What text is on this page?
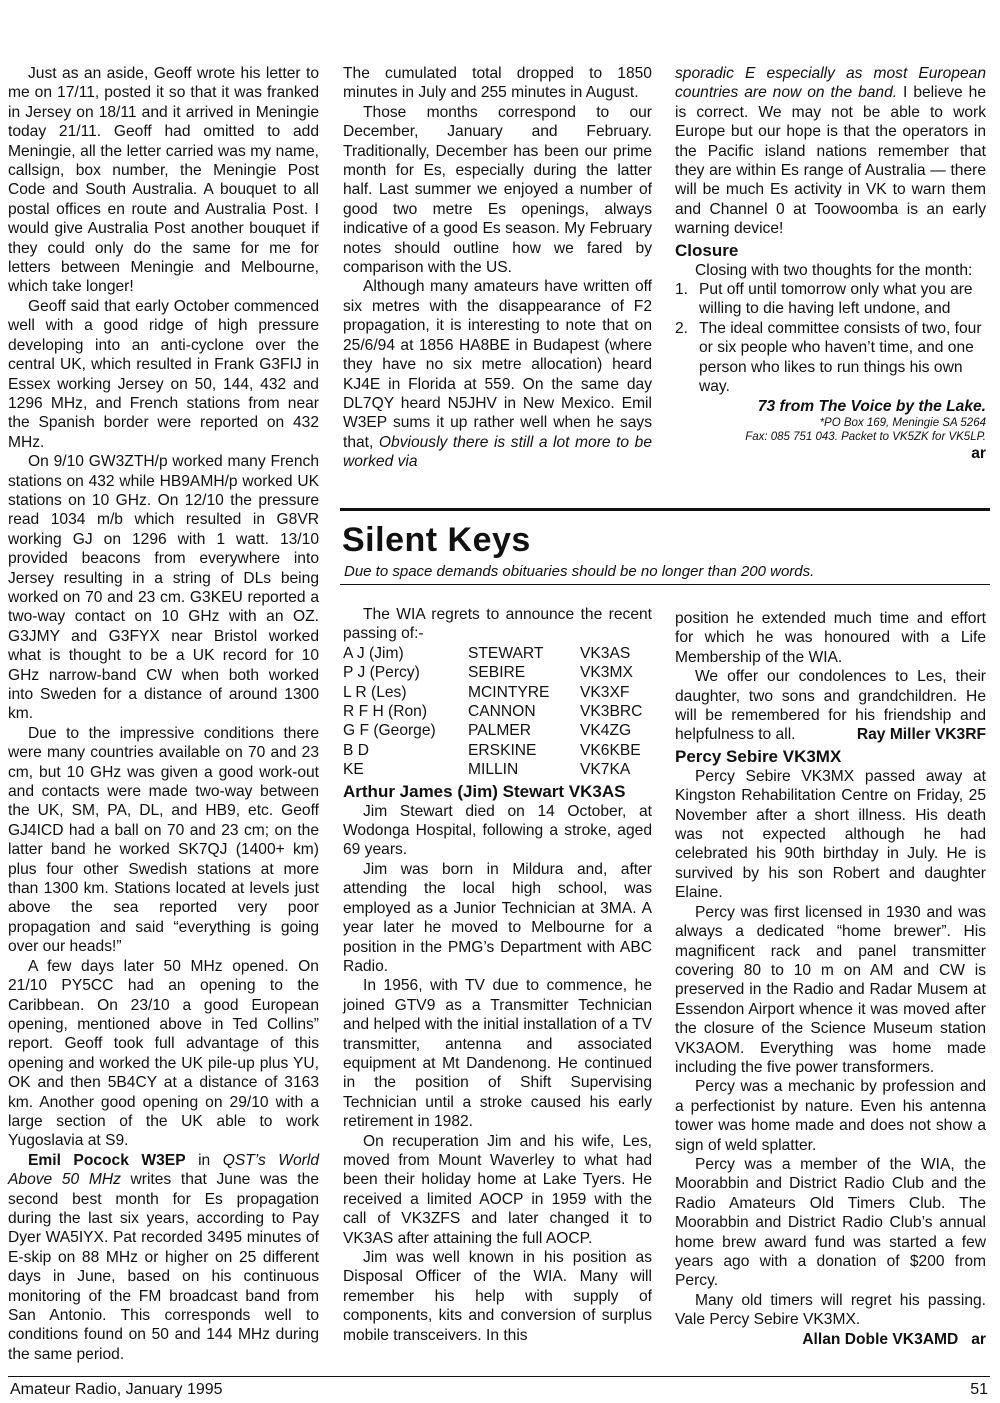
Just as an aside, Geoff wrote his letter to me on 17/11, posted it so that it was franked in Jersey on 18/11 and it arrived in Meningie today 21/11. Geoff had omitted to add Meningie, all the letter carried was my name, callsign, box number, the Meningie Post Code and South Australia. A bouquet to all postal offices en route and Australia Post. I would give Australia Post another bouquet if they could only do the same for me for letters between Meningie and Melbourne, which take longer!

Geoff said that early October commenced well with a good ridge of high pressure developing into an anti-cyclone over the central UK, which resulted in Frank G3FIJ in Essex working Jersey on 50, 144, 432 and 1296 MHz, and French stations from near the Spanish border were reported on 432 MHz.

On 9/10 GW3ZTH/p worked many French stations on 432 while HB9AMH/p worked UK stations on 10 GHz. On 12/10 the pressure read 1034 m/b which resulted in G8VR working GJ on 1296 with 1 watt. 13/10 provided beacons from everywhere into Jersey resulting in a string of DLs being worked on 70 and 23 cm. G3KEU reported a two-way contact on 10 GHz with an OZ. G3JMY and G3FYX near Bristol worked what is thought to be a UK record for 10 GHz narrow-band CW when both worked into Sweden for a distance of around 1300 km.

Due to the impressive conditions there were many countries available on 70 and 23 cm, but 10 GHz was given a good work-out and contacts were made two-way between the UK, SM, PA, DL, and HB9, etc. Geoff GJ4ICD had a ball on 70 and 23 cm; on the latter band he worked SK7QJ (1400+ km) plus four other Swedish stations at more than 1300 km. Stations located at levels just above the sea reported very poor propagation and said “everything is going over our heads!”

A few days later 50 MHz opened. On 21/10 PY5CC had an opening to the Caribbean. On 23/10 a good European opening, mentioned above in Ted Collins” report. Geoff took full advantage of this opening and worked the UK pile-up plus YU, OK and then 5B4CY at a distance of 3163 km. Another good opening on 29/10 with a large section of the UK able to work Yugoslavia at S9.

Emil Pocock W3EP in QST’s World Above 50 MHz writes that June was the second best month for Es propagation during the last six years, according to Pay Dyer WA5IYX. Pat recorded 3495 minutes of E-skip on 88 MHz or higher on 25 different days in June, based on his continuous monitoring of the FM broadcast band from San Antonio. This corresponds well to conditions found on 50 and 144 MHz during the same period.

The cumulated total dropped to 1850 minutes in July and 255 minutes in August.

Those months correspond to our December, January and February. Traditionally, December has been our prime month for Es, especially during the latter half. Last summer we enjoyed a number of good two metre Es openings, always indicative of a good Es season. My February notes should outline how we fared by comparison with the US.

Although many amateurs have written off six metres with the disappearance of F2 propagation, it is interesting to note that on 25/6/94 at 1856 HA8BE in Budapest (where they have no six metre allocation) heard KJ4E in Florida at 559. On the same day DL7QY heard N5JHV in New Mexico. Emil W3EP sums it up rather well when he says that, Obviously there is still a lot more to be worked via

sporadic E especially as most European countries are now on the band. I believe he is correct. We may not be able to work Europe but our hope is that the operators in the Pacific island nations remember that they are within Es range of Australia — there will be much Es activity in VK to warn them and Channel 0 at Toowoomba is an early warning device!

Closure

Closing with two thoughts for the month:

1. Put off until tomorrow only what you are willing to die having left undone, and
2. The ideal committee consists of two, four or six people who haven’t time, and one person who likes to run things his own way.
73 from The Voice by the Lake.
*PO Box 169, Meningie SA 5264
Fax: 085 751 043. Packet to VK5ZK for VK5LP.
ar
Silent Keys
Due to space demands obituaries should be no longer than 200 words.

The WIA regrets to announce the recent passing of:-

A J (Jim)	STEWART	VK3AS
P J (Percy)	SEBIRE	VK3MX
L R (Les)	MCINTYRE	VK3XF
R F H (Ron)	CANNON	VK3BRC
G F (George)	PALMER	VK4ZG
B D	ERSKINE	VK6KBE
KE	MILLIN	VK7KA
Arthur James (Jim) Stewart VK3AS

Jim Stewart died on 14 October, at Wodonga Hospital, following a stroke, aged 69 years.

Jim was born in Mildura and, after attending the local high school, was employed as a Junior Technician at 3MA. A year later he moved to Melbourne for a position in the PMG’s Department with ABC Radio.

In 1956, with TV due to commence, he joined GTV9 as a Transmitter Technician and helped with the initial installation of a TV transmitter, antenna and associated equipment at Mt Dandenong. He continued in the position of Shift Supervising Technician until a stroke caused his early retirement in 1982.

On recuperation Jim and his wife, Les, moved from Mount Waverley to what had been their holiday home at Lake Tyers. He received a limited AOCP in 1959 with the call of VK3ZFS and later changed it to VK3AS after attaining the full AOCP.

Jim was well known in his position as Disposal Officer of the WIA. Many will remember his help with supply of components, kits and conversion of surplus mobile transceivers. In this

position he extended much time and effort for which he was honoured with a Life Membership of the WIA.

We offer our condolences to Les, their daughter, two sons and grandchildren. He will be remembered for his friendship and helpfulness to all.	Ray Miller VK3RF

Percy Sebire VK3MX

Percy Sebire VK3MX passed away at Kingston Rehabilitation Centre on Friday, 25 November after a short illness. His death was not expected although he had celebrated his 90th birthday in July. He is survived by his son Robert and daughter Elaine.

Percy was first licensed in 1930 and was always a dedicated “home brewer”. His magnificent rack and panel transmitter covering 80 to 10 m on AM and CW is preserved in the Radio and Radar Musem at Essendon Airport whence it was moved after the closure of the Science Museum station VK3AOM. Everything was home made including the five power transformers.

Percy was a mechanic by profession and a perfectionist by nature. Even his antenna tower was home made and does not show a sign of weld splatter.

Percy was a member of the WIA, the Moorabbin and District Radio Club and the Radio Amateurs Old Timers Club. The Moorabbin and District Radio Club’s annual home brew award fund was started a few years ago with a donation of $200 from Percy.

Many old timers will regret his passing. Vale Percy Sebire VK3MX.

Allan Doble VK3AMD ar
Amateur Radio, January 1995	51
